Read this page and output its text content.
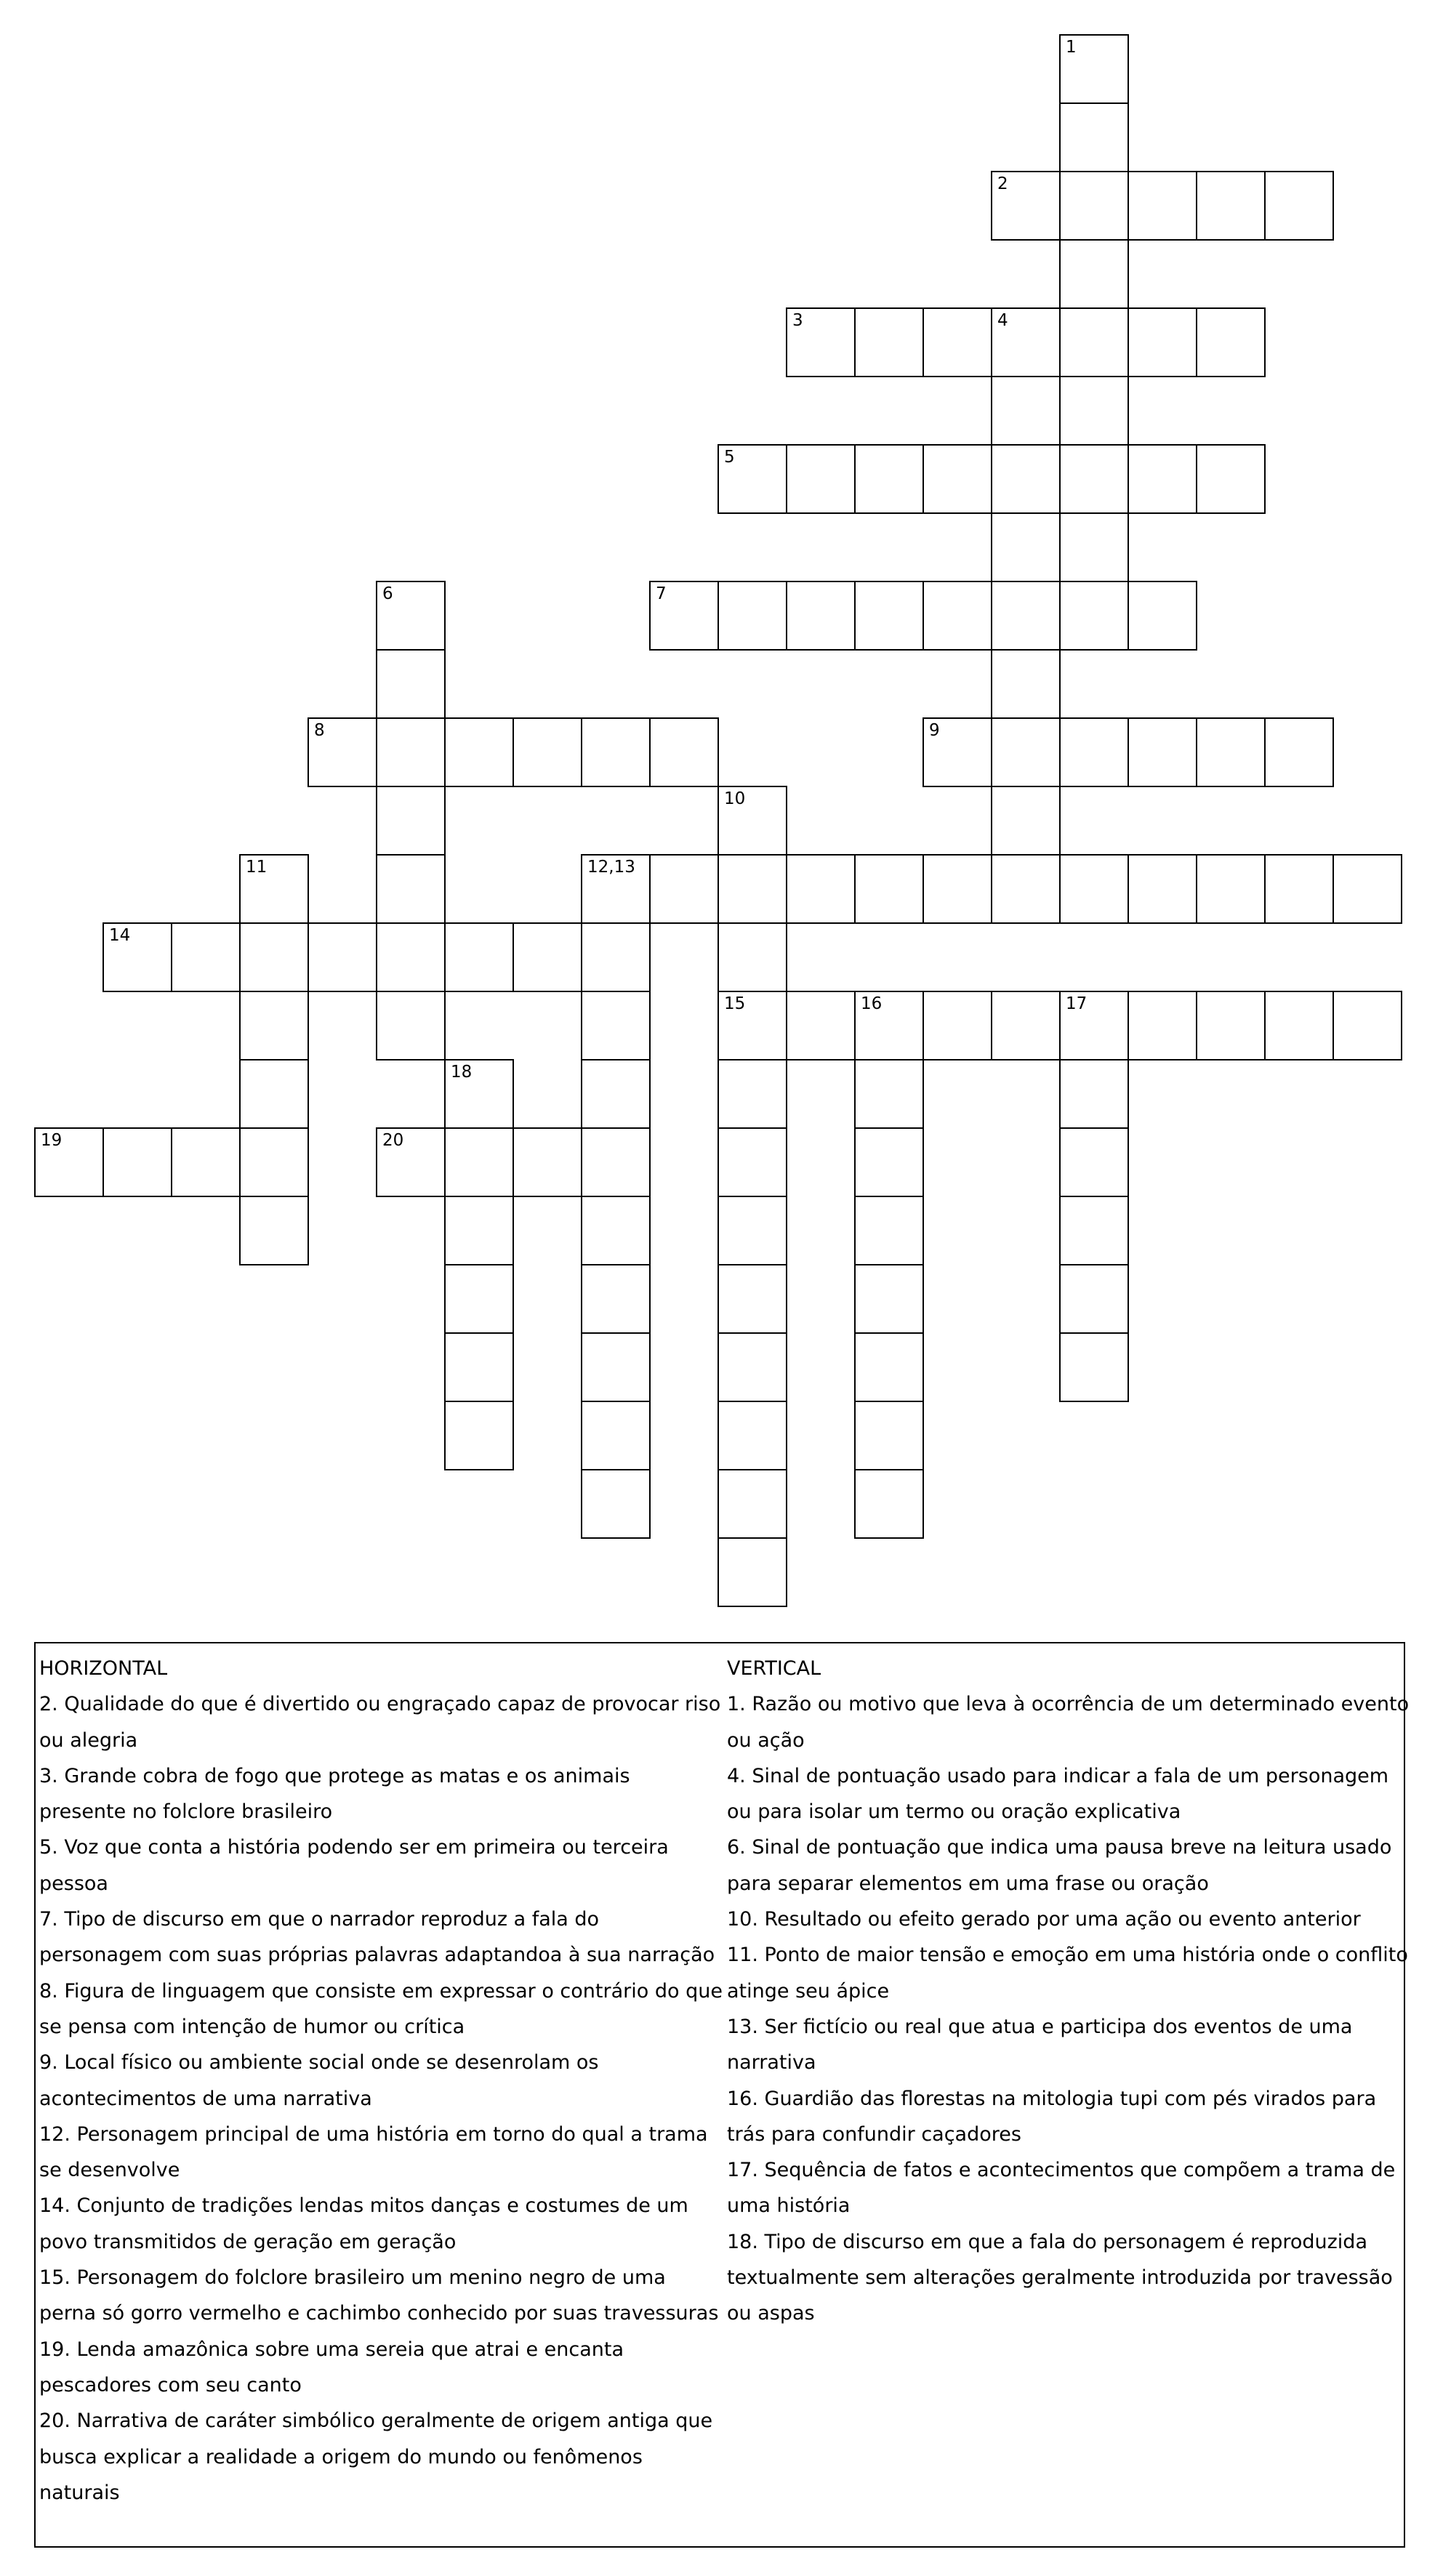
1
2
3	4
5
6	7
8	9
10
15
11	12,13
14
16	17
18
19	20

HORIZONTAL

2. Qualidade do que é divertido ou engraçado capaz de provocar riso ou alegria

3. Grande cobra de fogo que protege as matas e os animais presente no folclore brasileiro

5. Voz que conta a história podendo ser em primeira ou terceira pessoa

7. Tipo de discurso em que o narrador reproduz a fala do personagem com suas próprias palavras adaptandoa à sua narração

8. Figura de linguagem que consiste em expressar o contrário do que se pensa com intenção de humor ou crítica

9. Local físico ou ambiente social onde se desenrolam os acontecimentos de uma narrativa

12. Personagem principal de uma história em torno do qual a trama se desenvolve

14. Conjunto de tradições lendas mitos danças e costumes de um povo transmitidos de geração em geração

15. Personagem do folclore brasileiro um menino negro de uma perna só gorro vermelho e cachimbo conhecido por suas travessuras

19. Lenda amazônica sobre uma sereia que atrai e encanta pescadores com seu canto

20. Narrativa de caráter simbólico geralmente de origem antiga que busca explicar a realidade a origem do mundo ou fenômenos naturais

VERTICAL

1. Razão ou motivo que leva à ocorrência de um determinado evento ou ação

4. Sinal de pontuação usado para indicar a fala de um personagem ou para isolar um termo ou oração explicativa

6. Sinal de pontuação que indica uma pausa breve na leitura usado para separar elementos em uma frase ou oração

10. Resultado ou efeito gerado por uma ação ou evento anterior

11. Ponto de maior tensão e emoção em uma história onde o conflito atinge seu ápice

13. Ser fictício ou real que atua e participa dos eventos de uma narrativa

16. Guardião das florestas na mitologia tupi com pés virados para trás para confundir caçadores

17. Sequência de fatos e acontecimentos que compõem a trama de uma história

18. Tipo de discurso em que a fala do personagem é reproduzida textualmente sem alterações geralmente introduzida por travessão ou aspas
